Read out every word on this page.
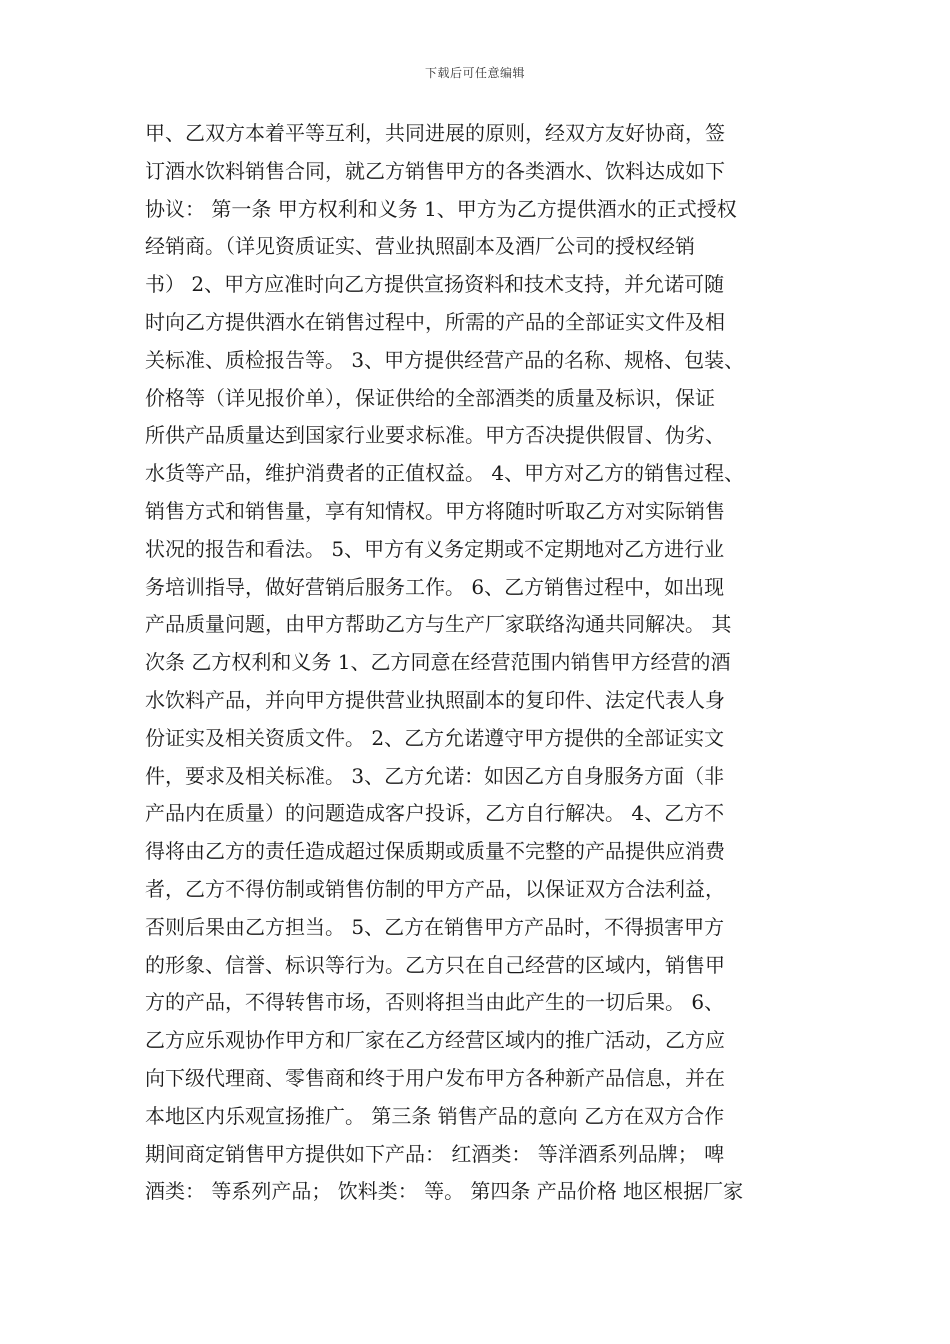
下载后可任意编辑
甲、乙双方本着平等互利，共同进展的原则，经双方友好协商，签
订酒水饮料销售合同，就乙方销售甲方的各类酒水、饮料达成如下
协议： 第一条 甲方权利和义务 1、甲方为乙方提供酒水的正式授权
经销商。（详见资质证实、营业执照副本及酒厂公司的授权经销
书） 2、甲方应准时向乙方提供宣扬资料和技术支持，并允诺可随
时向乙方提供酒水在销售过程中，所需的产品的全部证实文件及相
关标准、质检报告等。 3、甲方提供经营产品的名称、规格、包装、
价格等（详见报价单），保证供给的全部酒类的质量及标识，保证
所供产品质量达到国家行业要求标准。甲方否决提供假冒、伪劣、
水货等产品，维护消费者的正值权益。 4、甲方对乙方的销售过程、
销售方式和销售量，享有知情权。甲方将随时听取乙方对实际销售
状况的报告和看法。 5、甲方有义务定期或不定期地对乙方进行业
务培训指导，做好营销后服务工作。 6、乙方销售过程中，如出现
产品质量问题，由甲方帮助乙方与生产厂家联络沟通共同解决。 其
次条 乙方权利和义务 1、乙方同意在经营范围内销售甲方经营的酒
水饮料产品，并向甲方提供营业执照副本的复印件、法定代表人身
份证实及相关资质文件。 2、乙方允诺遵守甲方提供的全部证实文
件，要求及相关标准。 3、乙方允诺：如因乙方自身服务方面（非
产品内在质量）的问题造成客户投诉，乙方自行解决。 4、乙方不
得将由乙方的责任造成超过保质期或质量不完整的产品提供应消费
者，乙方不得仿制或销售仿制的甲方产品，以保证双方合法利益，
否则后果由乙方担当。 5、乙方在销售甲方产品时，不得损害甲方
的形象、信誉、标识等行为。乙方只在自己经营的区域内，销售甲
方的产品，不得转售市场，否则将担当由此产生的一切后果。 6、
乙方应乐观协作甲方和厂家在乙方经营区域内的推广活动，乙方应
向下级代理商、零售商和终于用户发布甲方各种新产品信息，并在
本地区内乐观宣扬推广。 第三条 销售产品的意向 乙方在双方合作
期间商定销售甲方提供如下产品： 红酒类： 等洋酒系列品牌； 啤
酒类： 等系列产品； 饮料类： 等。 第四条 产品价格 地区根据厂家
